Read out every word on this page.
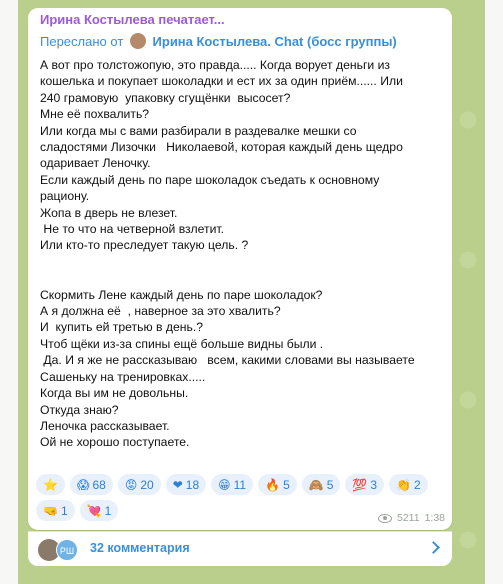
Ирина Костылева печатает...
Переслано от Ирина Костылева. Chat (босс группы)
А вот про толстожопую, это правда..... Когда ворует деньги из
кошелька и покупает шоколадки и ест их за один приём...... Или
240 грамовую  упаковку сгущёнки  высосет?
Мне её похвалить?
Или когда мы с вами разбирали в раздевалке мешки со
сладостями Лизочки   Николаевой, которая каждый день щедро
одаривает Леночку.
Если каждый день по паре шоколадок съедать к основному
рациону.
Жопа в дверь не влезет.
Не то что на четверной взлетит.
Или кто-то преследует такую цель. ?
Скормить Лене каждый день по паре шоколадок?
А я должна её  , наверное за это хвалить?
И  купить ей третью в день.?
Чтоб щёки из-за спины ещё больше видны были .
Да. И я же не рассказываю   всем, какими словами вы называете
Сашеньку на тренировках.....
Когда вы им не довольны.
Откуда знаю?
Леночка рассказывает.
Ой не хорошо поступаете.
⭐ 😱 68 😡 20 ❤ 18 😁 11 🔥 5 🙈 5 💯 3 👏 2
🤜 1 💘 1
5211 1:38
РШ	32 комментария
